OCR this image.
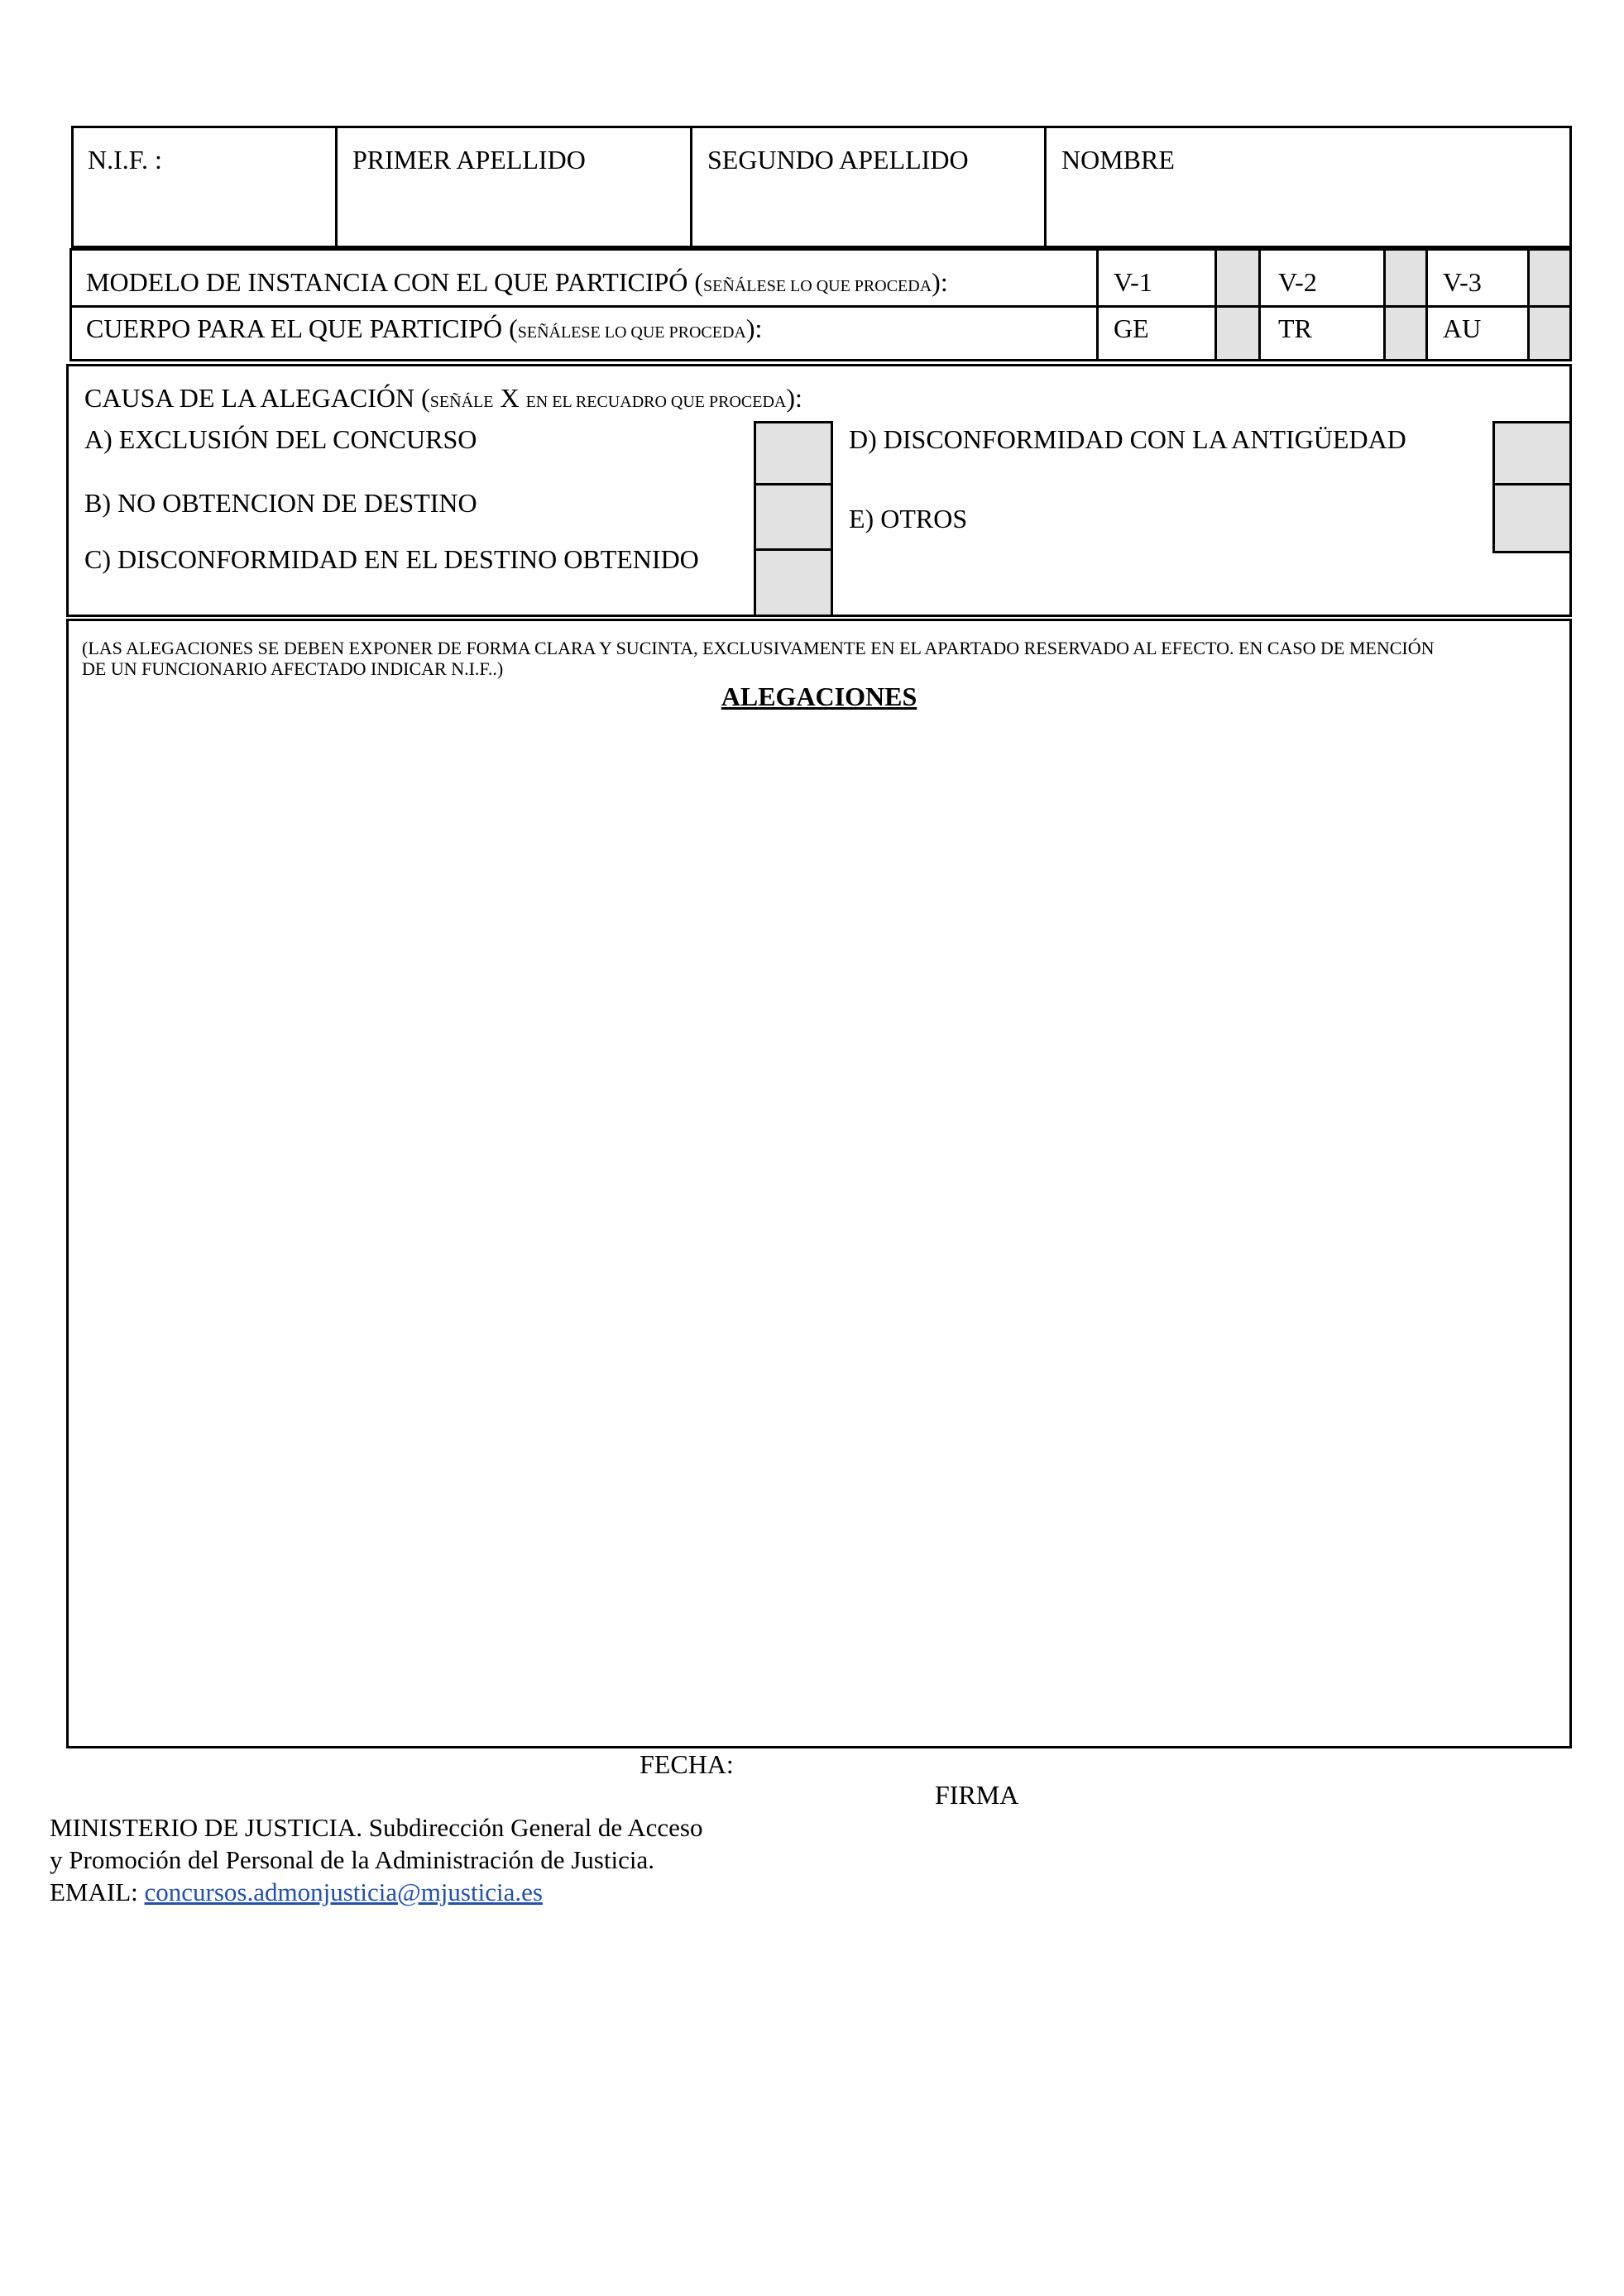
N.I.F. :	PRIMER APELLIDO	SEGUNDO APELLIDO	NOMBRE
MODELO DE INSTANCIA CON EL QUE PARTICIPÓ (SEÑÁLESE LO QUE PROCEDA):	V-1	V-2	V-3
CUERPO PARA EL QUE PARTICIPÓ (SEÑÁLESE LO QUE PROCEDA):	GE	TR	AU
CAUSA DE LA ALEGACIÓN (SEÑÁLE X EN EL RECUADRO QUE PROCEDA):
A) EXCLUSIÓN DEL CONCURSO
B) NO OBTENCION DE DESTINO
C) DISCONFORMIDAD EN EL DESTINO OBTENIDO
D) DISCONFORMIDAD CON LA ANTIGÜEDAD
E) OTROS
(LAS ALEGACIONES SE DEBEN EXPONER DE FORMA CLARA Y SUCINTA, EXCLUSIVAMENTE EN EL APARTADO RESERVADO AL EFECTO. EN CASO DE MENCIÓN
DE UN FUNCIONARIO AFECTADO INDICAR N.I.F..)
ALEGACIONES
FECHA:
FIRMA
MINISTERIO DE JUSTICIA. Subdirección General de Acceso
y Promoción del Personal de la Administración de Justicia.
EMAIL: concursos.admonjusticia@mjusticia.es
